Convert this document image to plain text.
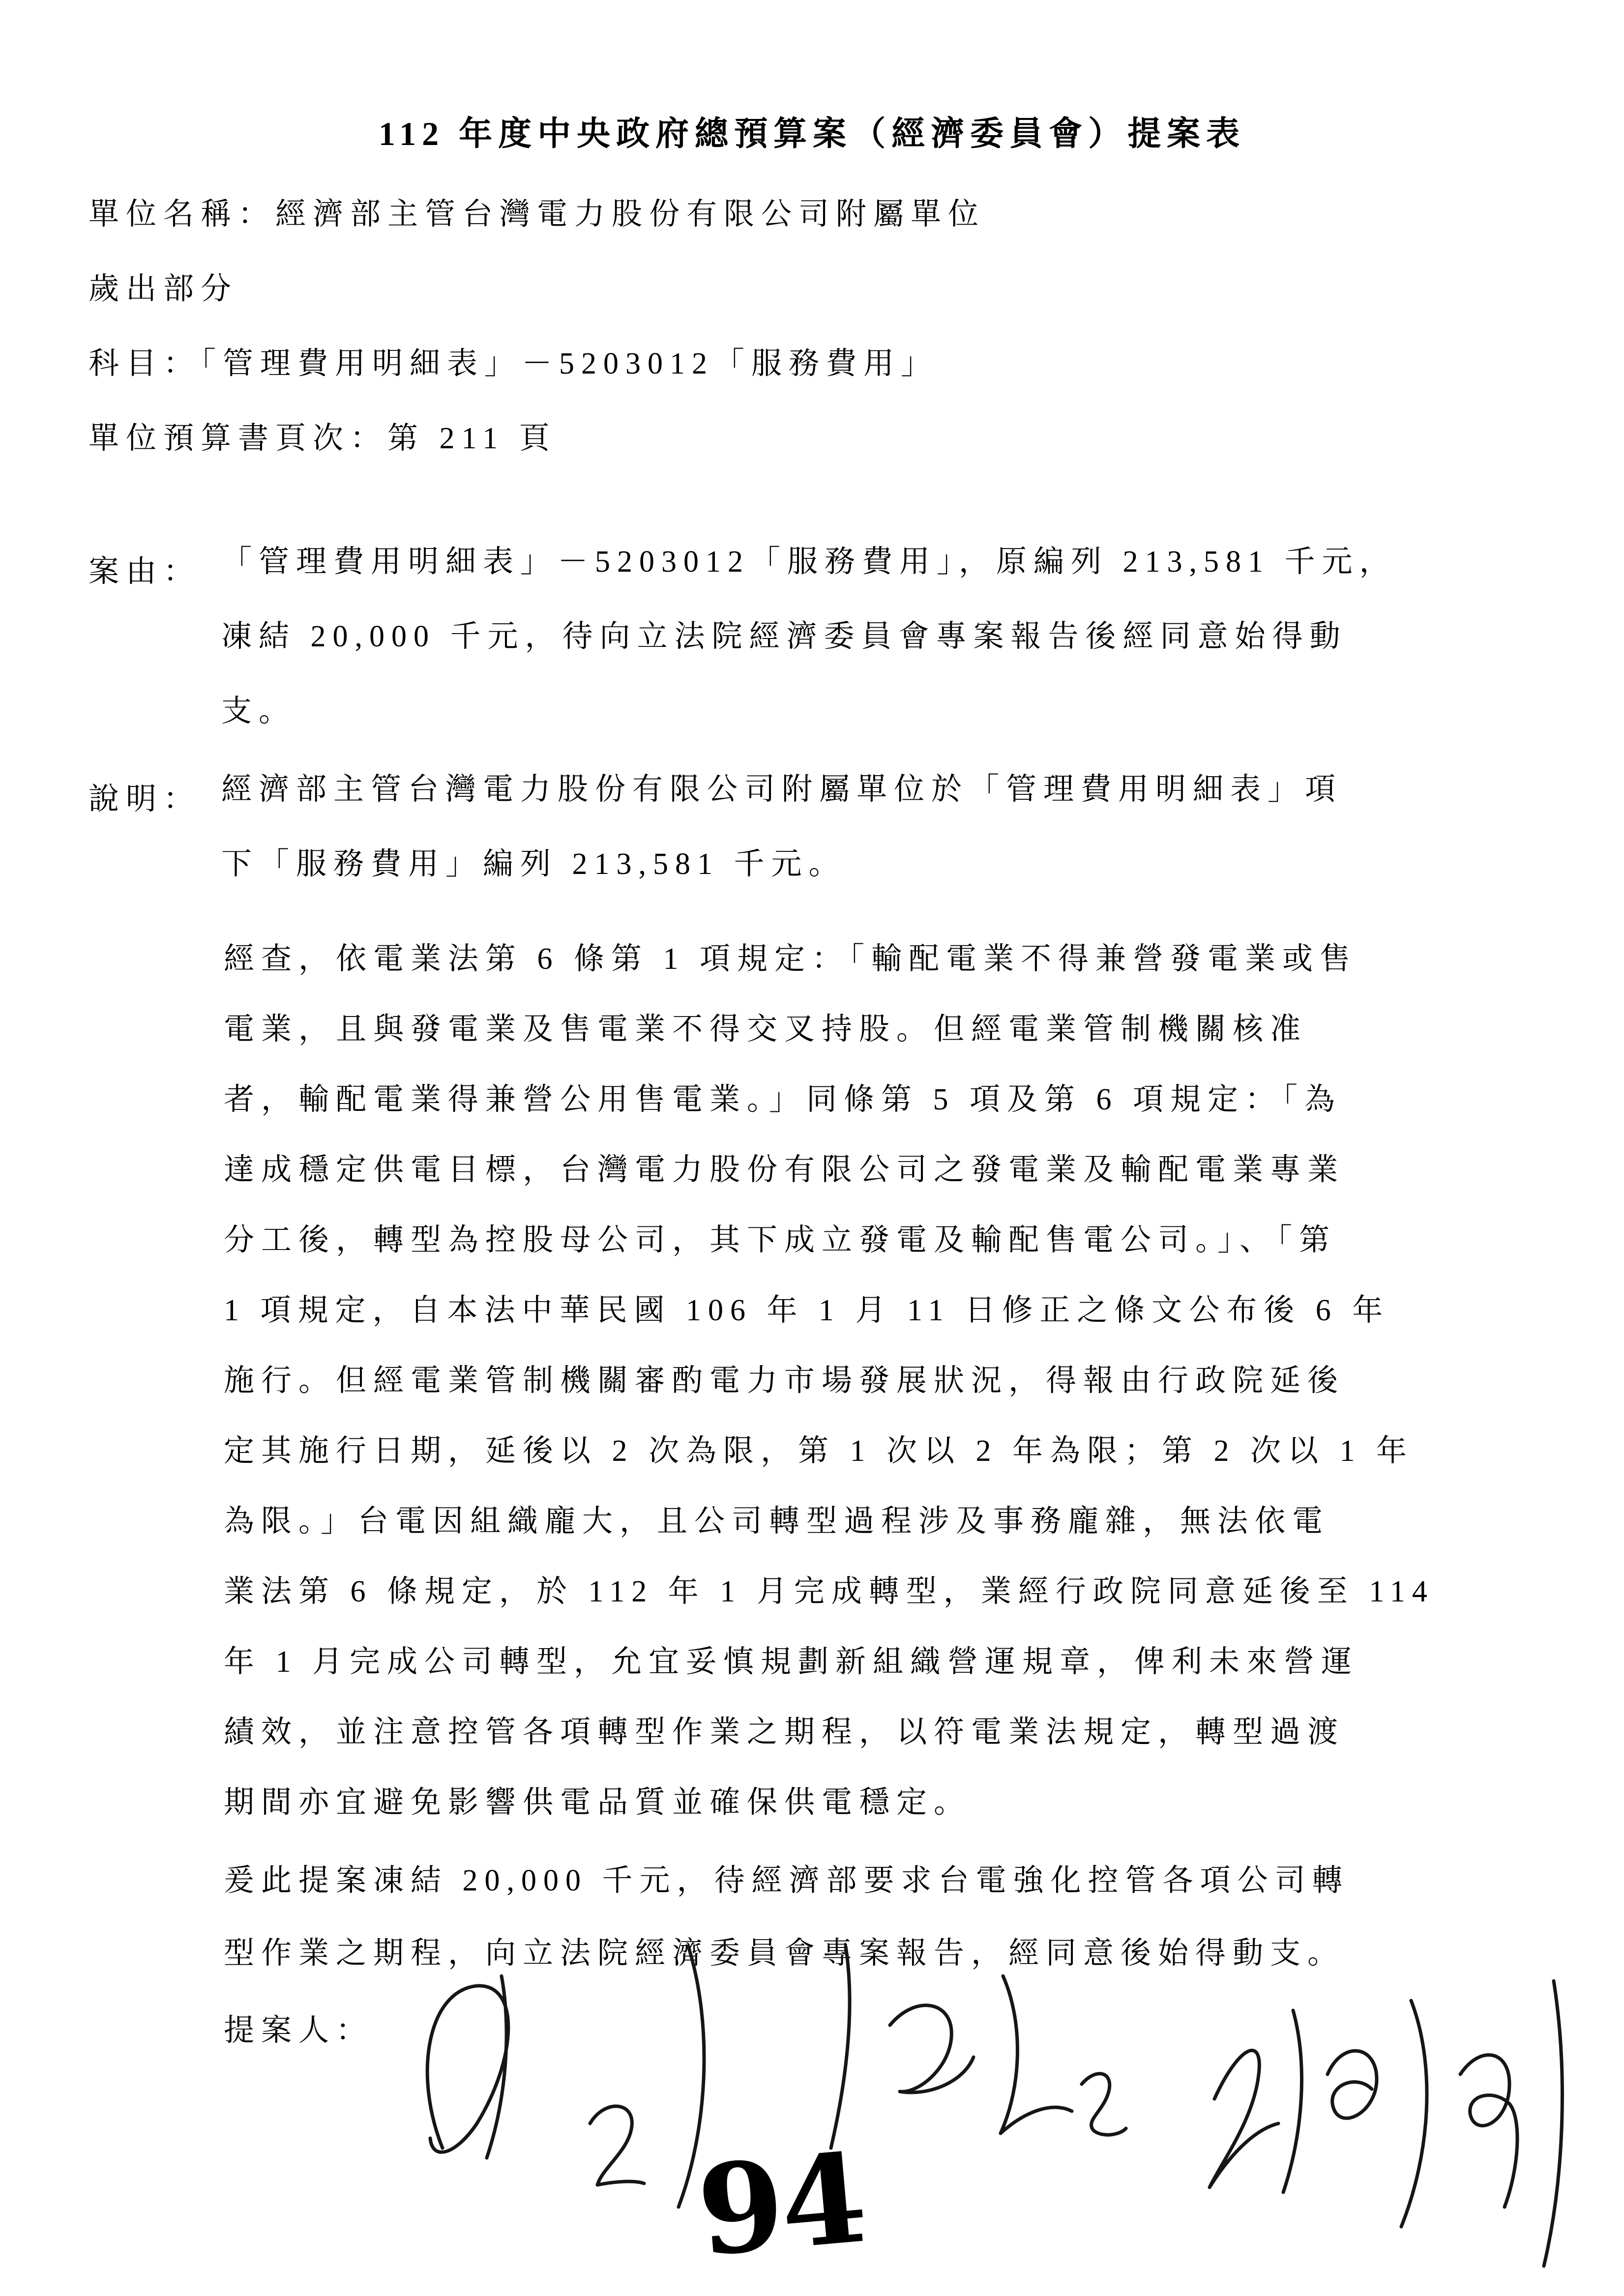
112 年度中央政府總預算案（經濟委員會）提案表
單位名稱：經濟部主管台灣電力股份有限公司附屬單位
歲出部分
科目：「管理費用明細表」－5203012「服務費用」
單位預算書頁次：第 211 頁
案由： 「管理費用明細表」－5203012「服務費用」，原編列 213,581 千元，
凍結 20,000 千元，待向立法院經濟委員會專案報告後經同意始得動
支。
說明： 經濟部主管台灣電力股份有限公司附屬單位於「管理費用明細表」項
下「服務費用」編列 213,581 千元。
經查，依電業法第 6 條第 1 項規定：「輸配電業不得兼營發電業或售
電業，且與發電業及售電業不得交叉持股。但經電業管制機關核准
者，輸配電業得兼營公用售電業。」同條第 5 項及第 6 項規定：「為
達成穩定供電目標，台灣電力股份有限公司之發電業及輸配電業專業
分工後，轉型為控股母公司，其下成立發電及輸配售電公司。」、「第
1 項規定，自本法中華民國 106 年 1 月 11 日修正之條文公布後 6 年
施行。但經電業管制機關審酌電力市場發展狀況，得報由行政院延後
定其施行日期，延後以 2 次為限，第 1 次以 2 年為限；第 2 次以 1 年
為限。」台電因組織龐大，且公司轉型過程涉及事務龐雜，無法依電
業法第 6 條規定，於 112 年 1 月完成轉型，業經行政院同意延後至 114
年 1 月完成公司轉型，允宜妥慎規劃新組織營運規章，俾利未來營運
績效，並注意控管各項轉型作業之期程，以符電業法規定，轉型過渡
期間亦宜避免影響供電品質並確保供電穩定。
爰此提案凍結 20,000 千元，待經濟部要求台電強化控管各項公司轉
型作業之期程，向立法院經濟委員會專案報告，經同意後始得動支。
提案人：
94
